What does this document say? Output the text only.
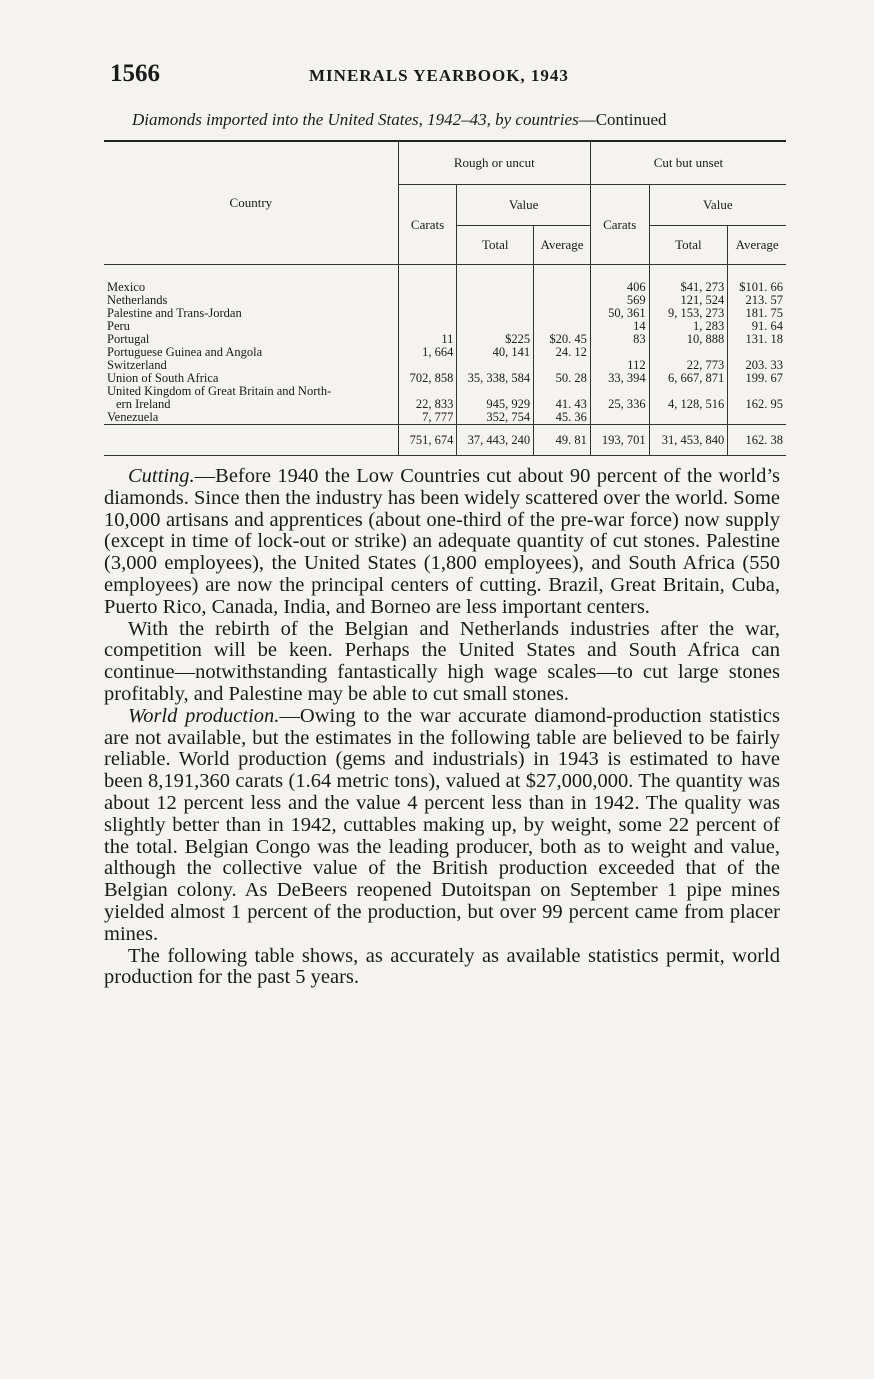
1566	MINERALS YEARBOOK, 1943
Diamonds imported into the United States, 1942–43, by countries—Continued
Country	Rough or uncut			Cut but unset		
	Carats	Value		Carats	Value	
		Total	Average		Total	Average

Mexico				406	$41, 273	$101. 66
Netherlands				569	121, 524	213. 57
Palestine and Trans-Jordan				50, 361	9, 153, 273	181. 75
Peru				14	1, 283	91. 64
Portugal	11	$225	$20. 45	83	10, 888	131. 18
Portuguese Guinea and Angola	1, 664	40, 141	24. 12			
Switzerland				112	22, 773	203. 33
Union of South Africa	702, 858	35, 338, 584	50. 28	33, 394	6, 667, 871	199. 67
United Kingdom of Great Britain and North-						
ern Ireland	22, 833	945, 929	41. 43	25, 336	4, 128, 516	162. 95
Venezuela	7, 777	352, 754	45. 36			
	751, 674	37, 443, 240	49. 81	193, 701	31, 453, 840	162. 38

Cutting.—Before 1940 the Low Countries cut about 90 percent of the world’s diamonds. Since then the industry has been widely scattered over the world. Some 10,000 artisans and apprentices (about one-third of the pre-war force) now supply (except in time of lock-out or strike) an adequate quantity of cut stones. Palestine (3,000 employees), the United States (1,800 employees), and South Africa (550 employees) are now the principal centers of cutting. Brazil, Great Britain, Cuba, Puerto Rico, Canada, India, and Borneo are less important centers.

With the rebirth of the Belgian and Netherlands industries after the war, competition will be keen. Perhaps the United States and South Africa can continue—notwithstanding fantastically high wage scales—to cut large stones profitably, and Palestine may be able to cut small stones.

World production.—Owing to the war accurate diamond-production statistics are not available, but the estimates in the following table are believed to be fairly reliable. World production (gems and industrials) in 1943 is estimated to have been 8,191,360 carats (1.64 metric tons), valued at $27,000,000. The quantity was about 12 percent less and the value 4 percent less than in 1942. The quality was slightly better than in 1942, cuttables making up, by weight, some 22 percent of the total. Belgian Congo was the leading producer, both as to weight and value, although the collective value of the British production exceeded that of the Belgian colony. As DeBeers reopened Dutoitspan on September 1 pipe mines yielded almost 1 percent of the production, but over 99 percent came from placer mines.

The following table shows, as accurately as available statistics permit, world production for the past 5 years.
